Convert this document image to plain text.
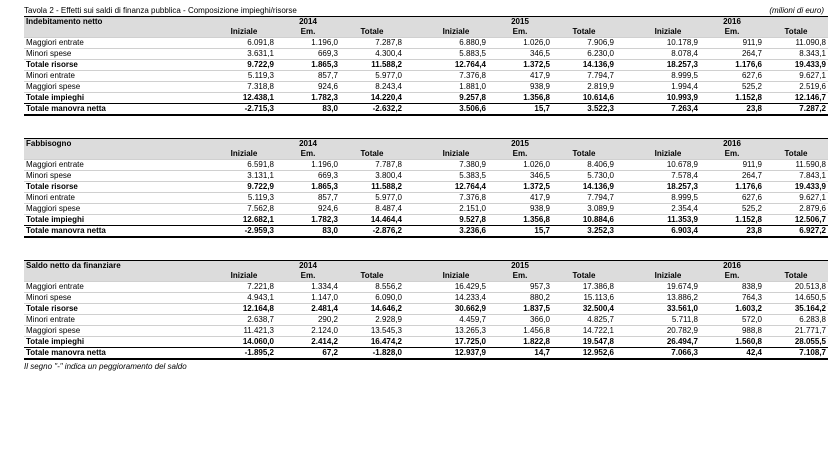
Tavola 2 - Effetti sui saldi di finanza pubblica - Composizione impieghi/risorse	(milioni di euro)
Indebitamento netto	2014				2015				2016		
	Iniziale	Em.	Totale		Iniziale	Em.	Totale		Iniziale	Em.	Totale
Maggiori entrate	6.091,8	1.196,0	7.287,8		6.880,9	1.026,0	7.906,9		10.178,9	911,9	11.090,8
Minori spese	3.631,1	669,3	4.300,4		5.883,5	346,5	6.230,0		8.078,4	264,7	8.343,1
Totale risorse	9.722,9	1.865,3	11.588,2		12.764,4	1.372,5	14.136,9		18.257,3	1.176,6	19.433,9
Minori entrate	5.119,3	857,7	5.977,0		7.376,8	417,9	7.794,7		8.999,5	627,6	9.627,1
Maggiori spese	7.318,8	924,6	8.243,4		1.881,0	938,9	2.819,9		1.994,4	525,2	2.519,6
Totale impieghi	12.438,1	1.782,3	14.220,4		9.257,8	1.356,8	10.614,6		10.993,9	1.152,8	12.146,7
Totale manovra netta	-2.715,3	83,0	-2.632,2		3.506,6	15,7	3.522,3		7.263,4	23,8	7.287,2
Fabbisogno	2014				2015				2016		
	Iniziale	Em.	Totale		Iniziale	Em.	Totale		Iniziale	Em.	Totale
Maggiori entrate	6.591,8	1.196,0	7.787,8		7.380,9	1.026,0	8.406,9		10.678,9	911,9	11.590,8
Minori spese	3.131,1	669,3	3.800,4		5.383,5	346,5	5.730,0		7.578,4	264,7	7.843,1
Totale risorse	9.722,9	1.865,3	11.588,2		12.764,4	1.372,5	14.136,9		18.257,3	1.176,6	19.433,9
Minori entrate	5.119,3	857,7	5.977,0		7.376,8	417,9	7.794,7		8.999,5	627,6	9.627,1
Maggiori spese	7.562,8	924,6	8.487,4		2.151,0	938,9	3.089,9		2.354,4	525,2	2.879,6
Totale impieghi	12.682,1	1.782,3	14.464,4		9.527,8	1.356,8	10.884,6		11.353,9	1.152,8	12.506,7
Totale manovra netta	-2.959,3	83,0	-2.876,2		3.236,6	15,7	3.252,3		6.903,4	23,8	6.927,2
Saldo netto da finanziare	2014				2015				2016		
	Iniziale	Em.	Totale		Iniziale	Em.	Totale		Iniziale	Em.	Totale
Maggiori entrate	7.221,8	1.334,4	8.556,2		16.429,5	957,3	17.386,8		19.674,9	838,9	20.513,8
Minori spese	4.943,1	1.147,0	6.090,0		14.233,4	880,2	15.113,6		13.886,2	764,3	14.650,5
Totale risorse	12.164,8	2.481,4	14.646,2		30.662,9	1.837,5	32.500,4		33.561,0	1.603,2	35.164,2
Minori entrate	2.638,7	290,2	2.928,9		4.459,7	366,0	4.825,7		5.711,8	572,0	6.283,8
Maggiori spese	11.421,3	2.124,0	13.545,3		13.265,3	1.456,8	14.722,1		20.782,9	988,8	21.771,7
Totale impieghi	14.060,0	2.414,2	16.474,2		17.725,0	1.822,8	19.547,8		26.494,7	1.560,8	28.055,5
Totale manovra netta	-1.895,2	67,2	-1.828,0		12.937,9	14,7	12.952,6		7.066,3	42,4	7.108,7
Il segno "-" indica un peggioramento del saldo
